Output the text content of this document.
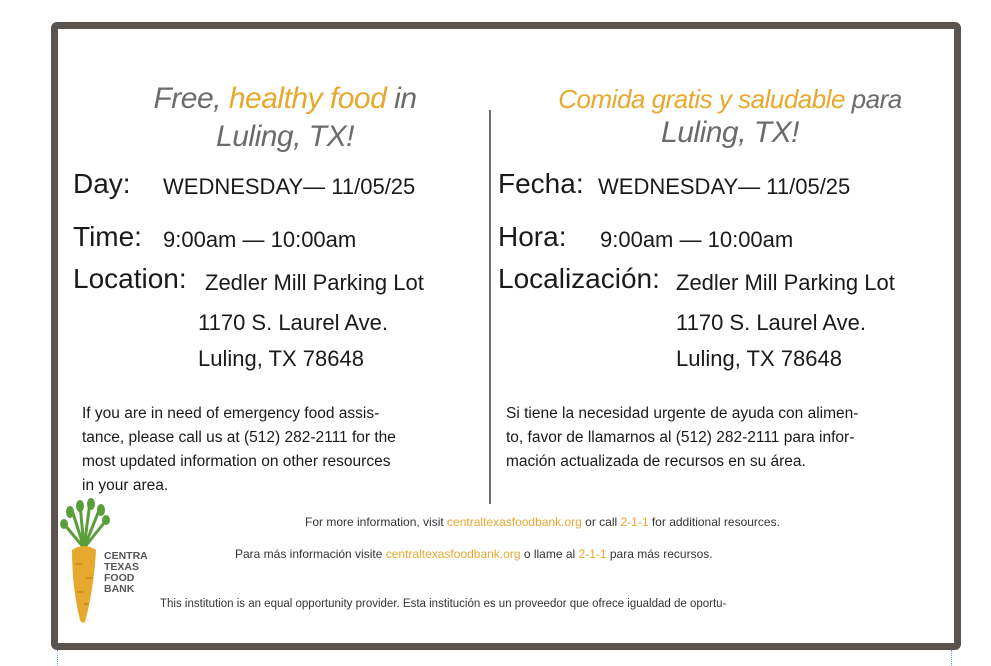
Free, healthy food in
Luling, TX!
Day: WEDNESDAY— 11/05/25
Time: 9:00am — 10:00am
Location: Zedler Mill Parking Lot
1170 S. Laurel Ave.
Luling, TX 78648
If you are in need of emergency food assis-
tance, please call us at (512) 282-2111 for the
most updated information on other resources
in your area.
Comida gratis y saludable para
Luling, TX!
Fecha: WEDNESDAY— 11/05/25
Hora: 9:00am — 10:00am
Localización: Zedler Mill Parking Lot
1170 S. Laurel Ave.
Luling, TX 78648
Si tiene la necesidad urgente de ayuda con alimen-
to, favor de llamarnos al (512) 282-2111 para infor-
mación actualizada de recursos en su área.
CENTRA
TEXAS
FOOD
BANK
For more information, visit centraltexasfoodbank.org or call 2-1-1 for additional resources.
Para más información visite centraltexasfoodbank.org o llame al 2-1-1 para más recursos.
This institution is an equal opportunity provider. Esta institución es un proveedor que ofrece igualdad de oportu-
